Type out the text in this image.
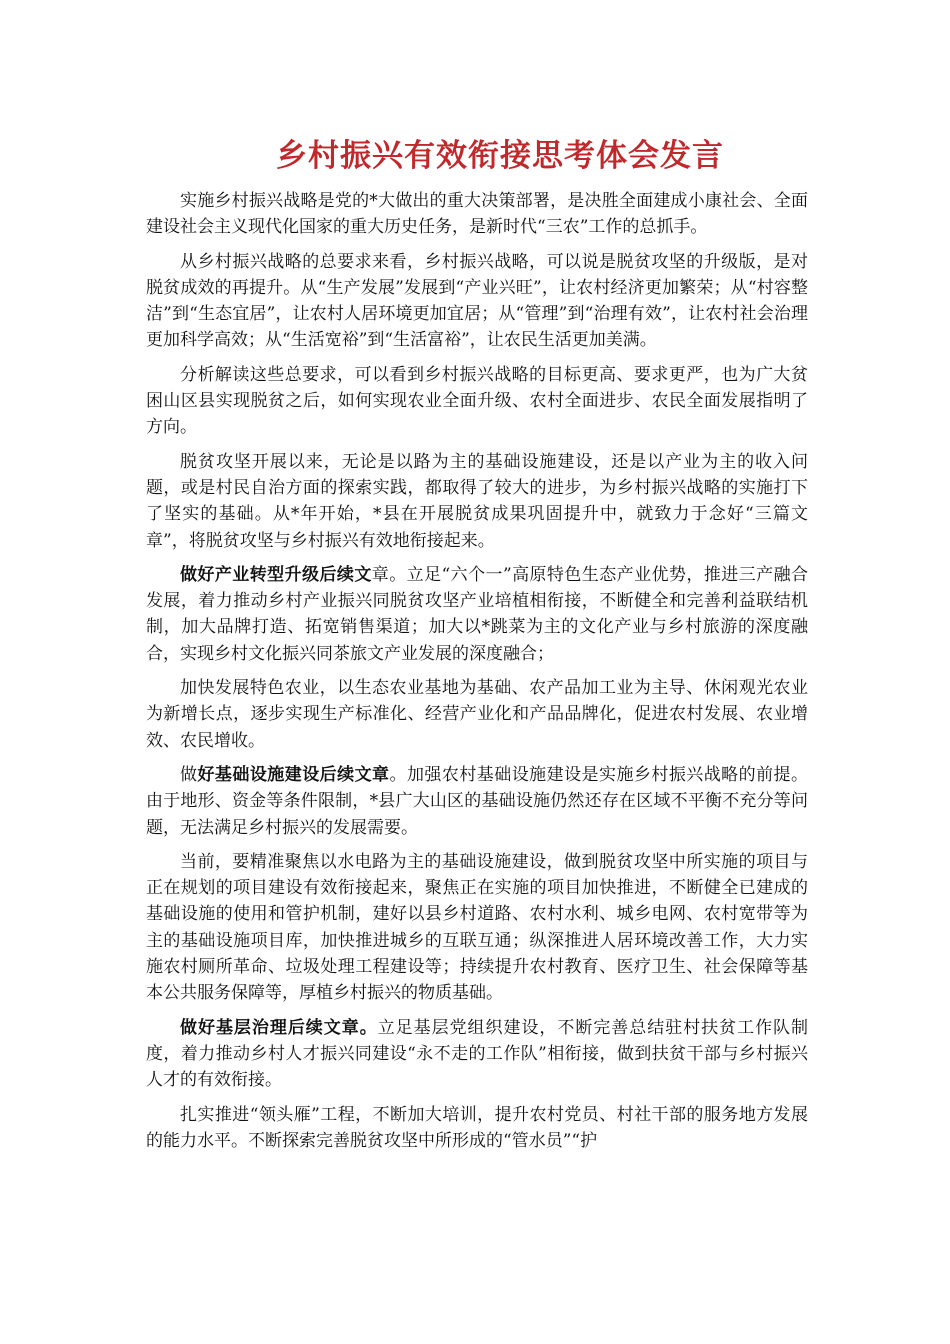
乡村振兴有效衔接思考体会发言

实施乡村振兴战略是党的*大做出的重大决策部署，是决胜全面建成小康社会、全面建设社会主义现代化国家的重大历史任务，是新时代“三农”工作的总抓手。

从乡村振兴战略的总要求来看，乡村振兴战略，可以说是脱贫攻坚的升级版，是对脱贫成效的再提升。从“生产发展”发展到“产业兴旺”，让农村经济更加繁荣；从“村容整洁”到“生态宜居”，让农村人居环境更加宜居；从“管理”到“治理有效”，让农村社会治理更加科学高效；从“生活宽裕”到“生活富裕”，让农民生活更加美满。

分析解读这些总要求，可以看到乡村振兴战略的目标更高、要求更严，也为广大贫困山区县实现脱贫之后，如何实现农业全面升级、农村全面进步、农民全面发展指明了方向。

脱贫攻坚开展以来，无论是以路为主的基础设施建设，还是以产业为主的收入问题，或是村民自治方面的探索实践，都取得了较大的进步，为乡村振兴战略的实施打下了坚实的基础。从*年开始，*县在开展脱贫成果巩固提升中，就致力于念好“三篇文章”，将脱贫攻坚与乡村振兴有效地衔接起来。

做好产业转型升级后续文章。立足“六个一”高原特色生态产业优势，推进三产融合发展，着力推动乡村产业振兴同脱贫攻坚产业培植相衔接，不断健全和完善利益联结机制，加大品牌打造、拓宽销售渠道；加大以*跳菜为主的文化产业与乡村旅游的深度融合，实现乡村文化振兴同茶旅文产业发展的深度融合；

加快发展特色农业，以生态农业基地为基础、农产品加工业为主导、休闲观光农业为新增长点，逐步实现生产标准化、经营产业化和产品品牌化，促进农村发展、农业增效、农民增收。

做好基础设施建设后续文章。加强农村基础设施建设是实施乡村振兴战略的前提。由于地形、资金等条件限制，*县广大山区的基础设施仍然还存在区域不平衡不充分等问题，无法满足乡村振兴的发展需要。

当前，要精准聚焦以水电路为主的基础设施建设，做到脱贫攻坚中所实施的项目与正在规划的项目建设有效衔接起来，聚焦正在实施的项目加快推进，不断健全已建成的基础设施的使用和管护机制，建好以县乡村道路、农村水利、城乡电网、农村宽带等为主的基础设施项目库，加快推进城乡的互联互通；纵深推进人居环境改善工作，大力实施农村厕所革命、垃圾处理工程建设等；持续提升农村教育、医疗卫生、社会保障等基本公共服务保障等，厚植乡村振兴的物质基础。

做好基层治理后续文章。立足基层党组织建设，不断完善总结驻村扶贫工作队制度，着力推动乡村人才振兴同建设“永不走的工作队”相衔接，做到扶贫干部与乡村振兴人才的有效衔接。

扎实推进“领头雁”工程，不断加大培训，提升农村党员、村社干部的服务地方发展的能力水平。不断探索完善脱贫攻坚中所形成的“管水员”“护
